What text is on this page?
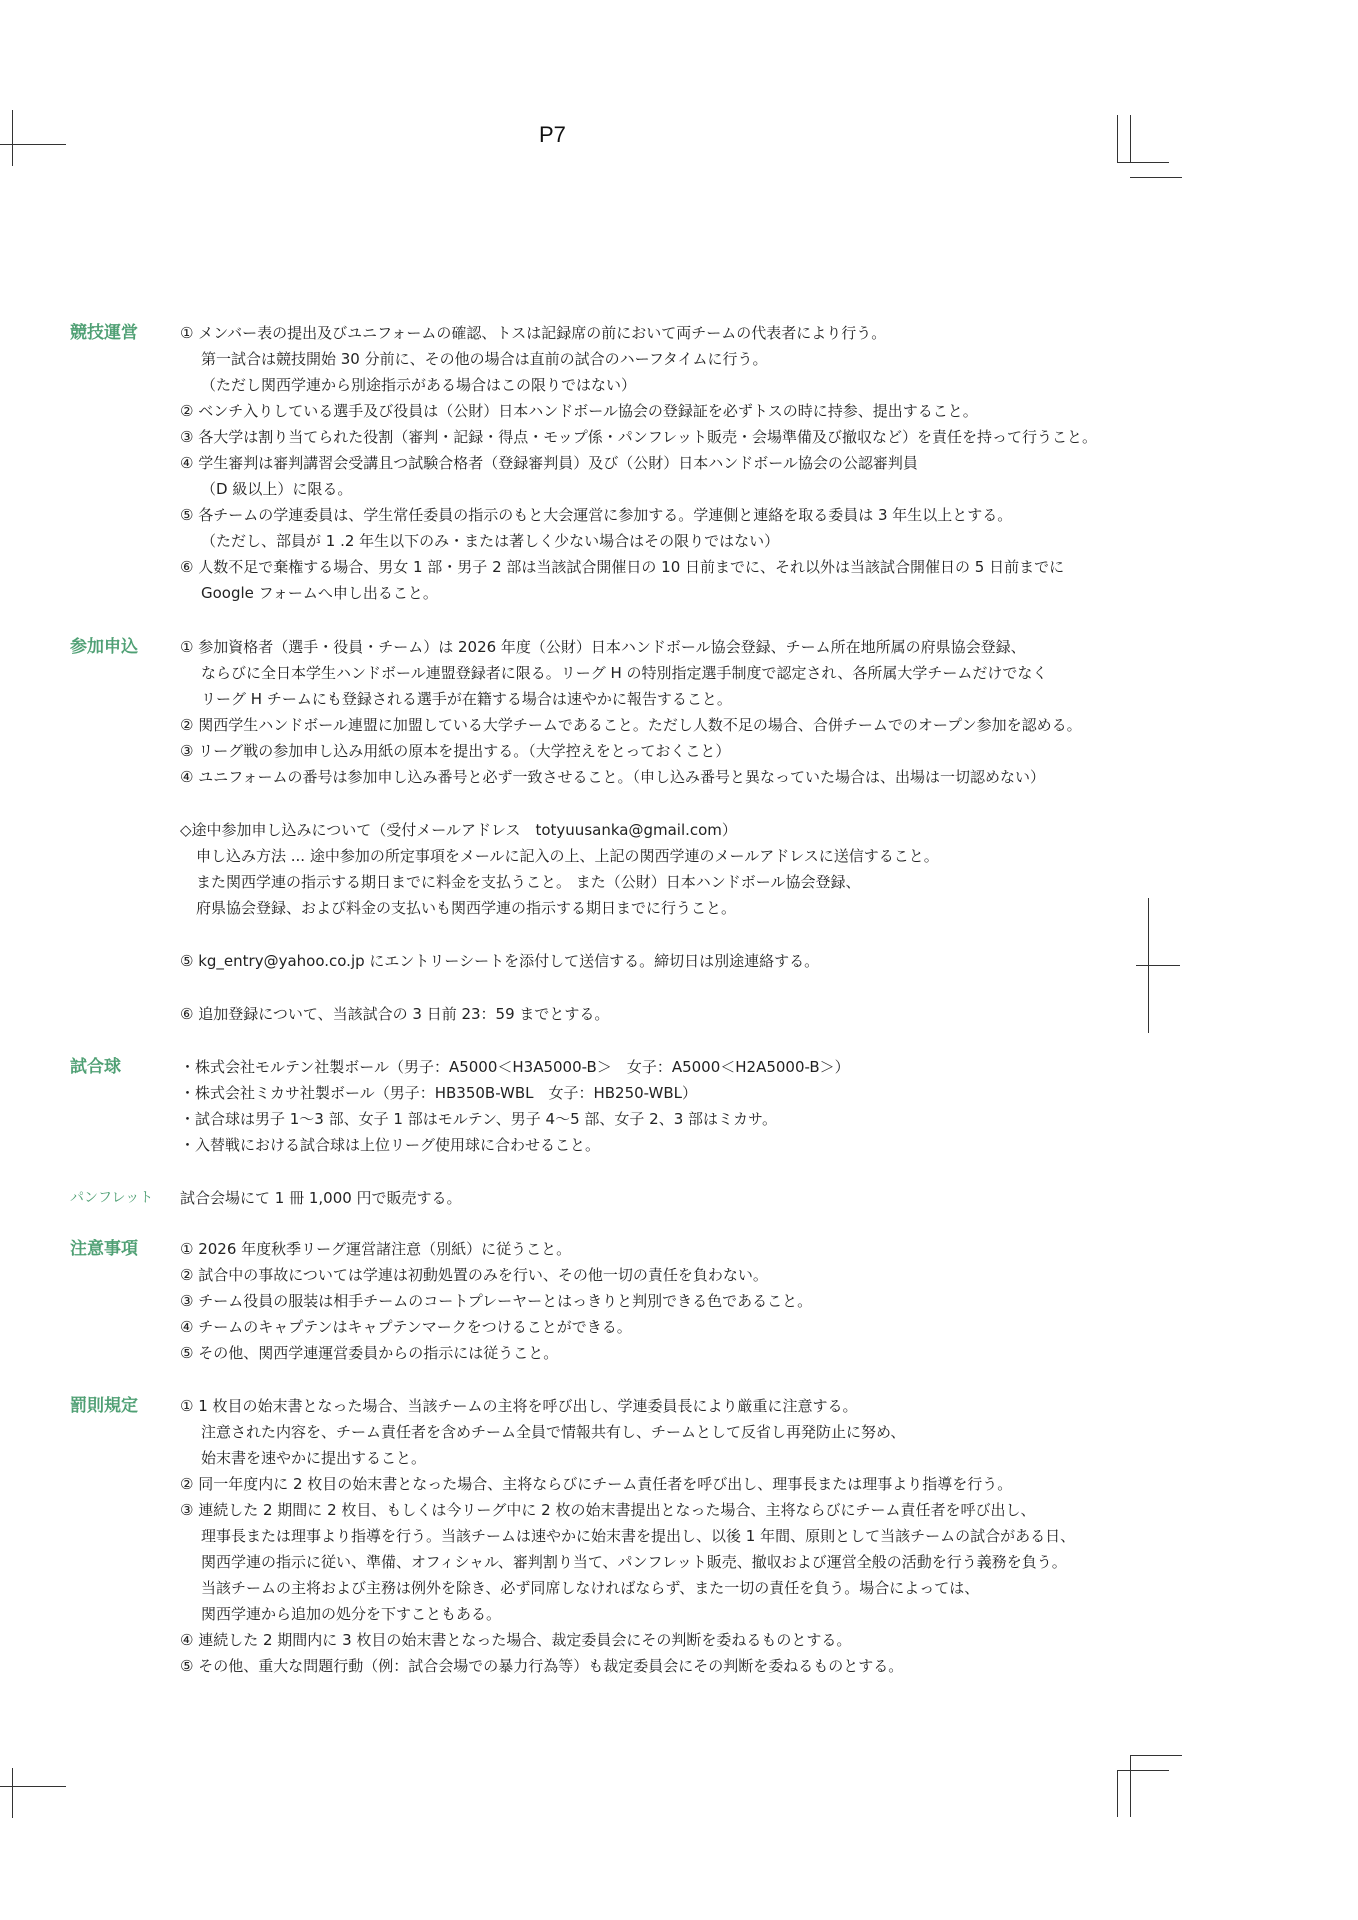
P7
競技運営	① メンバー表の提出及びユニフォームの確認、トスは記録席の前において両チームの代表者により行う。
第一試合は競技開始 30 分前に、その他の場合は直前の試合のハーフタイムに行う。
（ただし関西学連から別途指示がある場合はこの限りではない）
② ベンチ入りしている選手及び役員は（公財）日本ハンドボール協会の登録証を必ずトスの時に持参、提出すること。
③ 各大学は割り当てられた役割（審判・記録・得点・モップ係・パンフレット販売・会場準備及び撤収など）を責任を持って行うこと。
④ 学生審判は審判講習会受講且つ試験合格者（登録審判員）及び（公財）日本ハンドボール協会の公認審判員
（D 級以上）に限る。
⑤ 各チームの学連委員は、学生常任委員の指示のもと大会運営に参加する。学連側と連絡を取る委員は 3 年生以上とする。
（ただし、部員が 1 .2 年生以下のみ・または著しく少ない場合はその限りではない）
⑥ 人数不足で棄権する場合、男女 1 部・男子 2 部は当該試合開催日の 10 日前までに、それ以外は当該試合開催日の 5 日前までに
Google フォームへ申し出ること。
参加申込	① 参加資格者（選手・役員・チーム）は 2026 年度（公財）日本ハンドボール協会登録、チーム所在地所属の府県協会登録、
ならびに全日本学生ハンドボール連盟登録者に限る。リーグ H の特別指定選手制度で認定され、各所属大学チームだけでなく
リーグ H チームにも登録される選手が在籍する場合は速やかに報告すること。
② 関西学生ハンドボール連盟に加盟している大学チームであること。ただし人数不足の場合、合併チームでのオープン参加を認める。
③ リーグ戦の参加申し込み用紙の原本を提出する。（大学控えをとっておくこと）
④ ユニフォームの番号は参加申し込み番号と必ず一致させること。（申し込み番号と異なっていた場合は、出場は一切認めない）
◇途中参加申し込みについて（受付メールアドレス　totyuusanka@gmail.com）
申し込み方法 ... 途中参加の所定事項をメールに記入の上、上記の関西学連のメールアドレスに送信すること。
また関西学連の指示する期日までに料金を支払うこと。 また（公財）日本ハンドボール協会登録、
府県協会登録、および料金の支払いも関西学連の指示する期日までに行うこと。
⑤ kg_entry@yahoo.co.jp にエントリーシートを添付して送信する。締切日は別途連絡する。
⑥ 追加登録について、当該試合の 3 日前 23：59 までとする。
試合球	・株式会社モルテン社製ボール（男子：A5000＜H3A5000-B＞　女子：A5000＜H2A5000-B＞）
・株式会社ミカサ社製ボール（男子：HB350B-WBL　女子：HB250-WBL）
・試合球は男子 1〜3 部、女子 1 部はモルテン、男子 4〜5 部、女子 2、3 部はミカサ。
・入替戦における試合球は上位リーグ使用球に合わせること。
パンフレット 試合会場にて 1 冊 1,000 円で販売する。
注意事項	① 2026 年度秋季リーグ運営諸注意（別紙）に従うこと。
② 試合中の事故については学連は初動処置のみを行い、その他一切の責任を負わない。
③ チーム役員の服装は相手チームのコートプレーヤーとはっきりと判別できる色であること。
④ チームのキャプテンはキャプテンマークをつけることができる。
⑤ その他、関西学連運営委員からの指示には従うこと。
罰則規定	① 1 枚目の始末書となった場合、当該チームの主将を呼び出し、学連委員長により厳重に注意する。
注意された内容を、チーム責任者を含めチーム全員で情報共有し、チームとして反省し再発防止に努め、
始末書を速やかに提出すること。
② 同一年度内に 2 枚目の始末書となった場合、主将ならびにチーム責任者を呼び出し、理事長または理事より指導を行う。
③ 連続した 2 期間に 2 枚目、もしくは今リーグ中に 2 枚の始末書提出となった場合、主将ならびにチーム責任者を呼び出し、
理事長または理事より指導を行う。当該チームは速やかに始末書を提出し、以後 1 年間、原則として当該チームの試合がある日、
関西学連の指示に従い、準備、オフィシャル、審判割り当て、パンフレット販売、撤収および運営全般の活動を行う義務を負う。
当該チームの主将および主務は例外を除き、必ず同席しなければならず、また一切の責任を負う。場合によっては、
関西学連から追加の処分を下すこともある。
④ 連続した 2 期間内に 3 枚目の始末書となった場合、裁定委員会にその判断を委ねるものとする。
⑤ その他、重大な問題行動（例：試合会場での暴力行為等）も裁定委員会にその判断を委ねるものとする。
